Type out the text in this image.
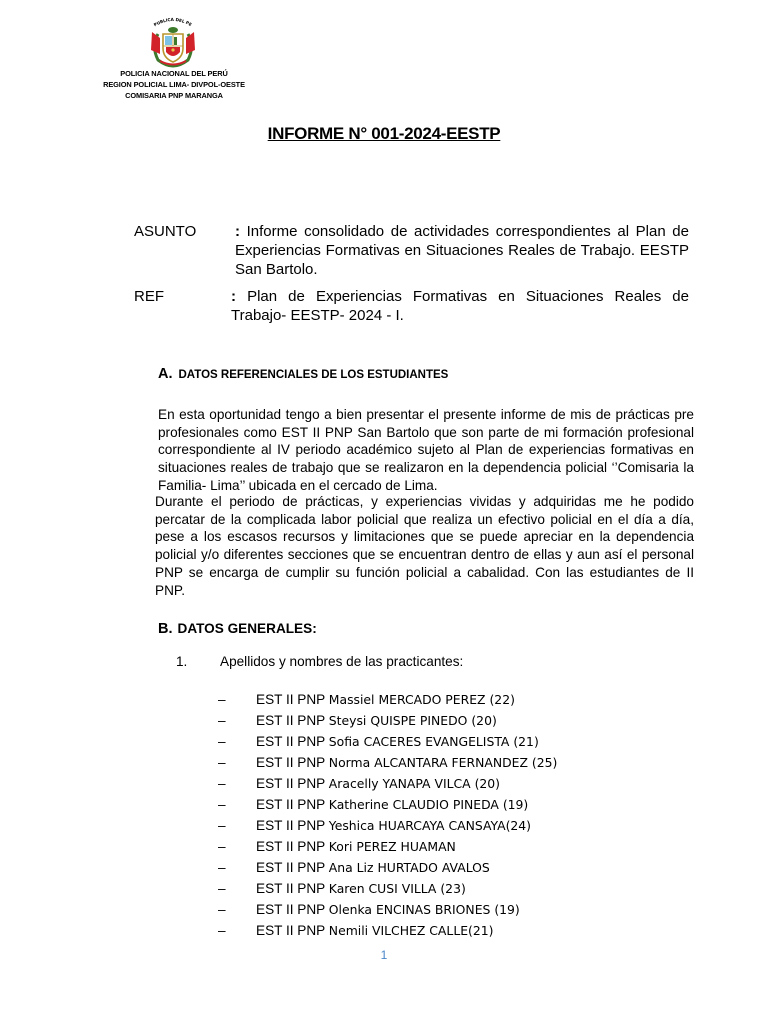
PUBLICA DEL PE
POLICIA NACIONAL DEL PERÚ
REGION POLICIAL LIMA- DIVPOL-OESTE
COMISARIA PNP MARANGA
INFORME N° 001-2024-EESTP
ASUNTO	: Informe consolidado de actividades correspondientes al Plan de Experiencias Formativas en Situaciones Reales de Trabajo. EESTP San Bartolo.
REF	: Plan de Experiencias Formativas en Situaciones Reales de Trabajo- EESTP- 2024 - I.
A. DATOS REFERENCIALES DE LOS ESTUDIANTES

En esta oportunidad tengo a bien presentar el presente informe de mis de prácticas pre profesionales como EST II PNP San Bartolo que son parte de mi formación profesional correspondiente al IV periodo académico sujeto al Plan de experiencias formativas en situaciones reales de trabajo que se realizaron en la dependencia policial ‘’Comisaria la Familia- Lima’’ ubicada en el cercado de Lima.

Durante el periodo de prácticas, y experiencias vividas y adquiridas me he podido percatar de la complicada labor policial que realiza un efectivo policial en el día a día, pese a los escasos recursos y limitaciones que se puede apreciar en la dependencia policial y/o diferentes secciones que se encuentran dentro de ellas y aun así el personal PNP se encarga de cumplir su función policial a cabalidad. Con las estudiantes de II PNP.

B. DATOS GENERALES:
1. Apellidos y nombres de las practicantes:
– EST II PNP Massiel MERCADO PEREZ (22)
– EST II PNP Steysi QUISPE PINEDO (20)
– EST II PNP Sofia CACERES EVANGELISTA (21)
– EST II PNP Norma ALCANTARA FERNANDEZ (25)
– EST II PNP Aracelly YANAPA VILCA (20)
– EST II PNP Katherine CLAUDIO PINEDA (19)
– EST II PNP Yeshica HUARCAYA CANSAYA(24)
– EST II PNP Kori PEREZ HUAMAN
– EST II PNP Ana Liz HURTADO AVALOS
– EST II PNP Karen CUSI VILLA (23)
– EST II PNP Olenka ENCINAS BRIONES (19)
– EST II PNP Nemili VILCHEZ CALLE(21)
1
